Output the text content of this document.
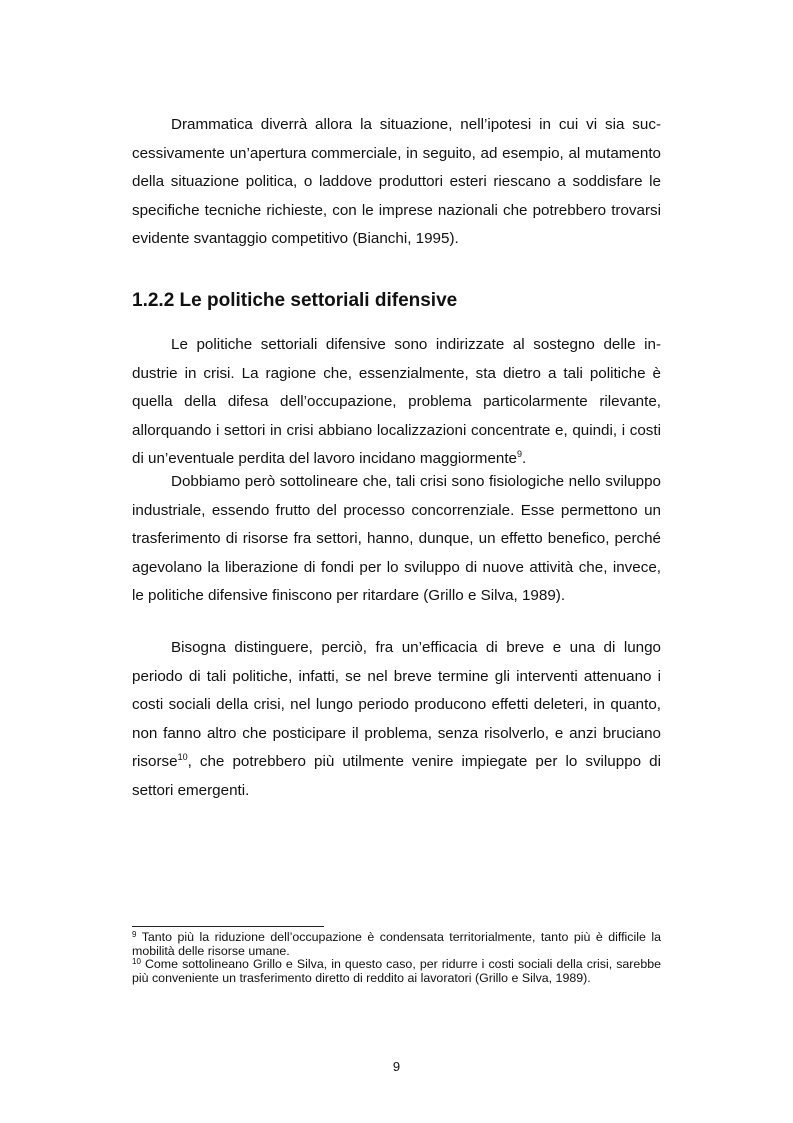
Drammatica diverrà allora la situazione, nell’ipotesi in cui vi sia successivamente un’apertura commerciale, in seguito, ad esempio, al mutamento della situazione politica, o laddove produttori esteri riescano a soddisfare le specifiche tecniche richieste, con le imprese nazionali che potrebbero trovarsi evidente svantaggio competitivo (Bianchi, 1995).

1.2.2 Le politiche settoriali difensive

Le politiche settoriali difensive sono indirizzate al sostegno delle industrie in crisi. La ragione che, essenzialmente, sta dietro a tali politiche è quella della difesa dell’occupazione, problema particolarmente rilevante, allorquando i settori in crisi abbiano localizzazioni concentrate e, quindi, i costi di un’eventuale perdita del lavoro incidano maggiormente$^9$.

Dobbiamo però sottolineare che, tali crisi sono fisiologiche nello sviluppo industriale, essendo frutto del processo concorrenziale. Esse permettono un trasferimento di risorse fra settori, hanno, dunque, un effetto benefico, perché agevolano la liberazione di fondi per lo sviluppo di nuove attività che, invece, le politiche difensive finiscono per ritardare (Grillo e Silva, 1989).

Bisogna distinguere, perciò, fra un’efficacia di breve e una di lungo periodo di tali politiche, infatti, se nel breve termine gli interventi attenuano i costi sociali della crisi, nel lungo periodo producono effetti deleteri, in quanto, non fanno altro che posticipare il problema, senza risolverlo, e anzi bruciano risorse$^{10}$, che potrebbero più utilmente venire impiegate per lo sviluppo di settori emergenti.

$^9$ Tanto più la riduzione dell’occupazione è condensata territorialmente, tanto più è difficile la mobilità delle risorse umane.

$^{10}$ Come sottolineano Grillo e Silva, in questo caso, per ridurre i costi sociali della crisi, sarebbe più conveniente un trasferimento diretto di reddito ai lavoratori (Grillo e Silva, 1989).

9
